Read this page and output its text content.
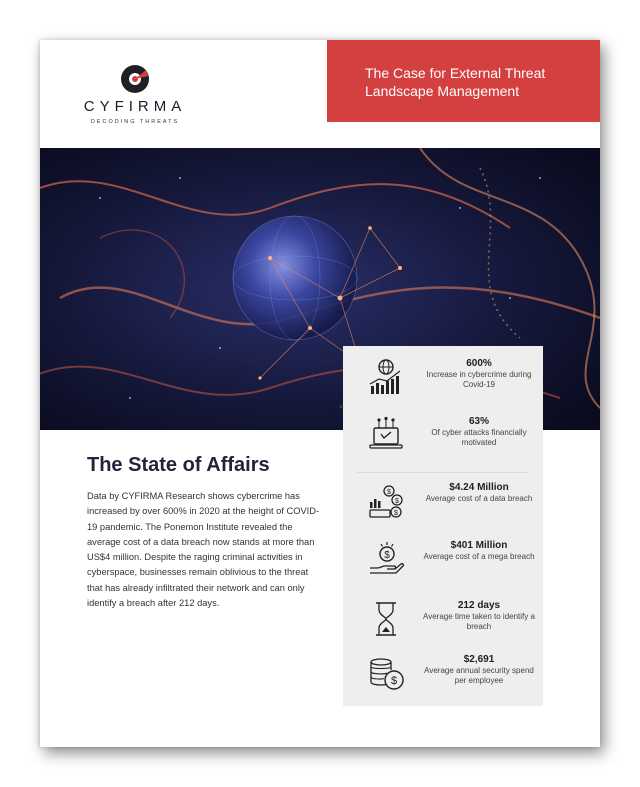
CYFIRMA
DECODING THREATS
The Case for External Threat Landscape Management
The State of Affairs

Data by CYFIRMA Research shows cybercrime has increased by over 600% in 2020 at the height of COVID-19 pandemic. The Ponemon Institute revealed the average cost of a data breach now stands at more than US$4 million. Despite the raging criminal activities in cyberspace, businesses remain oblivious to the threat that has already infiltrated their network and can only identify a breach after 212 days.

600%
Increase in cybercrime during Covid-19
63%
Of cyber attacks financially motivated
$
$
$
$4.24 Million
Average cost of a data breach
$
$401 Million
Average cost of a mega breach
212 days
Average time taken to identify a breach
$
$2,691
Average annual security spend per employee
